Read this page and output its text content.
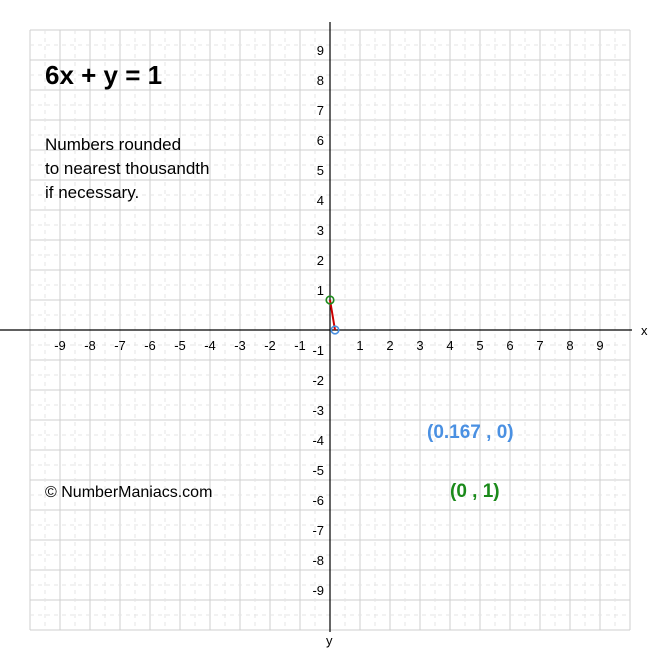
x
y
-9 -8 -7 -6 -5 -4 -3 -2 -1	1 2 3 4 5 6 7 8 9
9
8
7
6
5
4
3
2
1
-1
-2
-3
-4
-5
-6
-7
-8
-9
6x + y = 1
Numbers rounded
to nearest thousandth
if necessary.
© NumberManiacs.com
(0.167 , 0)
(0 , 1)
